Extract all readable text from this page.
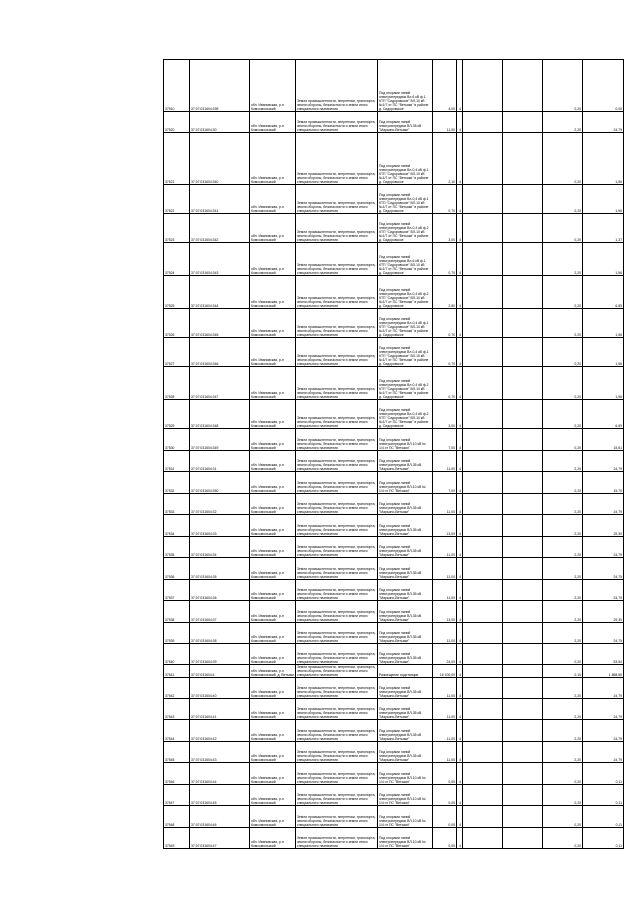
37510	37:07:031604:339	обл. Ивановская, р-н Комсомольский	Земли промышленности, энергетики, транспорта, земли обороны, безопасности и земли иного специального назначения	Под опорами линий электропередачи Вл-6 кВ ф.1 КТП "Сидоровское" ВЛ-10 кВ №1/7 от ПС "Ветьяки" в районе д. Сидоровское	4,00	4			0,20	0,00
37520	37:07:031604:30	обл. Ивановская, р-н Комсомольский	Земли промышленности, энергетики, транспорта, земли обороны, безопасности и земли иного специального назначения	Под опорами линий электропередачи ВЛ-35 кВ "Марьино-Ветьяки"	11,00	4			2,20	24,79
37521	37:07:031604:340	обл. Ивановская, р-н Комсомольский	Земли промышленности, энергетики, транспорта, земли обороны, безопасности и земли иного специального назначения	Под опорами линий электропередачи Вл-0,4 кВ ф.1 КТП "Сидоровское" ВЛ-10 кВ №1/7 от ПС "Ветьяки" в районе д. Сидоровское	2,10	4			0,20	1,56
37522	37:07:031604:341	обл. Ивановская, р-н Комсомольский	Земли промышленности, энергетики, транспорта, земли обороны, безопасности и земли иного специального назначения	Под опорами линий электропередачи Вл-0,4 кВ ф.1 КТП "Сидоровское" ВЛ-10 кВ №1/7 от ПС "Ветьяки" в районе д. Сидоровское	0,70	4			0,20	1,56
37523	37:07:031604:342	обл. Ивановская, р-н Комсомольский	Земли промышленности, энергетики, транспорта, земли обороны, безопасности и земли иного специального назначения	Под опорами линий электропередачи Вл-0,4 кВ ф.2 КТП "Сидоровское" ВЛ-10 кВ №1/7 от ПС "Ветьяки" в районе д. Сидоровское	3,00	4			0,20	1,37
37524	37:07:031604:343	обл. Ивановская, р-н Комсомольский	Земли промышленности, энергетики, транспорта, земли обороны, безопасности и земли иного специального назначения	Под опорами линий электропередачи Вл-6 кВ ф.1 КТП "Сидоровское" ВЛ-10 кВ №1/7 от ПС "Ветьяки" в районе д. Сидоровское	0,70	4			2,20	1,56
37525	37:07:031604:344	обл. Ивановская, р-н Комсомольский	Земли промышленности, энергетики, транспорта, земли обороны, безопасности и земли иного специального назначения	Под опорами линий электропередачи Вл-0,4 кВ ф.2 КТП "Сидоровское" ВЛ-10 кВ №1/7 от ПС "Ветьяки" в районе д. Сидоровское	2,80	4			0,20	6,85
37526	37:07:031604:345	обл. Ивановская, р-н Комсомольский	Земли промышленности, энергетики, транспорта, земли обороны, безопасности и земли иного специального назначения	Под опорами линий электропередачи Вл-0,4 кВ ф.1 КТП "Сидоровское" ВЛ-10 кВ №1/7 от ПС "Ветьяки" в районе д. Сидоровское	0,70	4			0,20	1,56
37527	37:07:031604:346	обл. Ивановская, р-н Комсомольский	Земли промышленности, энергетики, транспорта, земли обороны, безопасности и земли иного специального назначения	Под опорами линий электропередачи Вл-0,4 кВ ф.1 КТП "Сидоровское" ВЛ-10 кВ №1/7 от ПС "Ветьяки" в районе д. Сидоровское	0,70	4			0,20	1,56
37528	37:07:031604:347	обл. Ивановская, р-н Комсомольский	Земли промышленности, энергетики, транспорта, земли обороны, безопасности и земли иного специального назначения	Под опорами линий электропередачи Вл-0,4 кВ ф.2 КТП "Сидоровское" ВЛ-10 кВ №1/7 от ПС "Ветьяки" в районе д. Сидоровское	0,70	4			0,20	1,56
37529	37:07:031604:348	обл. Ивановская, р-н Комсомольский	Земли промышленности, энергетики, транспорта, земли обороны, безопасности и земли иного специального назначения	Под опорами линий электропередачи Вл-0,4 кВ ф.2 КТП "Сидоровское" ВЛ-10 кВ №1/7 от ПС "Ветьяки" в районе д. Сидоровское	3,00	4			0,20	6,69
37530	37:07:031604:349	обл. Ивановская, р-н Комсомольский	Земли промышленности, энергетики, транспорта, земли обороны, безопасности и земли иного специального назначения	Под опорами линий электропередачи ВЛ-10 кВ № 1/4 от ПС "Ветьяки"	7,00	4			0,20	15,61
37531	37:07:031604:31	обл. Ивановская, р-н Комсомольский	Земли промышленности, энергетики, транспорта, земли обороны, безопасности и земли иного специального назначения	Под опорами линий электропередачи ВЛ-35 кВ "Марьино-Ветьяки"	11,00	4			2,20	24,79
37532	37:07:031604:350	обл. Ивановская, р-н Комсомольский	Земли промышленности, энергетики, транспорта, земли обороны, безопасности и земли иного специального назначения	Под опорами линий электропередачи ВЛ-10 кВ № 1/4 от ПС "Ветьяки"	7,00	4			0,20	15,70
37533	37:07:031604:32	обл. Ивановская, р-н Комсомольский	Земли промышленности, энергетики, транспорта, земли обороны, безопасности и земли иного специального назначения	Под опорами линий электропередачи ВЛ-35 кВ "Марьино-Ветьяки"	11,00	4			2,20	24,79
37534	37:07:031604:33	обл. Ивановская, р-н Комсомольский	Земли промышленности, энергетики, транспорта, земли обороны, безопасности и земли иного специального назначения	Под опорами линий электропередачи ВЛ-35 кВ "Марьино-Ветьяки"	13,00	4			2,20	29,30
37535	37:07:031604:34	обл. Ивановская, р-н Комсомольский	Земли промышленности, энергетики, транспорта, земли обороны, безопасности и земли иного специального назначения	Под опорами линий электропередачи ВЛ-35 кВ "Марьино-Ветьяки"	11,00	4			2,20	24,79
37536	37:07:031604:35	обл. Ивановская, р-н Комсомольский	Земли промышленности, энергетики, транспорта, земли обороны, безопасности и земли иного специального назначения	Под опорами линий электропередачи ВЛ-35 кВ "Марьино-Ветьяки"	11,00	4			2,20	24,79
37537	37:07:031604:36	обл. Ивановская, р-н Комсомольский	Земли промышленности, энергетики, транспорта, земли обороны, безопасности и земли иного специального назначения	Под опорами линий электропередачи ВЛ-35 кВ "Марьино-Ветьяки"	11,00	4			2,20	24,79
37538	37:07:031604:37	обл. Ивановская, р-н Комсомольский	Земли промышленности, энергетики, транспорта, земли обороны, безопасности и земли иного специального назначения	Под опорами линий электропередачи ВЛ-35 кВ "Марьино-Ветьяки"	13,00	4			2,20	29,30
37539	37:07:031604:38	обл. Ивановская, р-н Комсомольский	Земли промышленности, энергетики, транспорта, земли обороны, безопасности и земли иного специального назначения	Под опорами линий электропередачи ВЛ-35 кВ "Марьино-Ветьяки"	11,00	4			2,20	24,79
37540	37:07:031604:39	обл. Ивановская, р-н Комсомольский	Земли промышленности, энергетики, транспорта, земли обороны, безопасности и земли иного специального назначения	Под опорами линий электропередачи ВЛ-35 кВ "Марьино-Ветьяки"	24,00	4			0,20	53,54
37541	37:07:031604:4	обл. Ивановская, р-н Комсомольский, д. Ветьяки	Земли промышленности, энергетики, транспорта, земли обороны, безопасности и земли иного специального назначения	Размещение подстанции	16 100,00	4			0,10	1 868,56
37542	37:07:031604:40	обл. Ивановская, р-н Комсомольский	Земли промышленности, энергетики, транспорта, земли обороны, безопасности и земли иного специального назначения	Под опорами линий электропередачи ВЛ-35 кВ "Марьино-Ветьяки"	11,00	4			2,20	24,79
37543	37:07:031604:41	обл. Ивановская, р-н Комсомольский	Земли промышленности, энергетики, транспорта, земли обороны, безопасности и земли иного специального назначения	Под опорами линий электропередачи ВЛ-35 кВ "Марьино-Ветьяки"	11,00	4			2,20	24,79
37544	37:07:031604:42	обл. Ивановская, р-н Комсомольский	Земли промышленности, энергетики, транспорта, земли обороны, безопасности и земли иного специального назначения	Под опорами линий электропередачи ВЛ-35 кВ "Марьино-Ветьяки"	11,00	4			2,20	24,79
37545	37:07:031604:43	обл. Ивановская, р-н Комсомольский	Земли промышленности, энергетики, транспорта, земли обороны, безопасности и земли иного специального назначения	Под опорами линий электропередачи ВЛ-35 кВ "Марьино-Ветьяки"	11,00	4			2,20	24,79
37546	37:07:031604:44	обл. Ивановская, р-н Комсомольский	Земли промышленности, энергетики, транспорта, земли обороны, безопасности и земли иного специального назначения	Под опорами линий электропередачи ВЛ-10 кВ № 1/4 от ПС "Ветьяки"	0,05	4			0,20	0,11
37547	37:07:031604:45	обл. Ивановская, р-н Комсомольский	Земли промышленности, энергетики, транспорта, земли обороны, безопасности и земли иного специального назначения	Под опорами линий электропередачи ВЛ-10 кВ № 1/4 от ПС "Ветьяки"	0,05	4			0,20	0,11
37548	37:07:031604:46	обл. Ивановская, р-н Комсомольский	Земли промышленности, энергетики, транспорта, земли обороны, безопасности и земли иного специального назначения	Под опорами линий электропередачи ВЛ-10 кВ № 1/4 от ПС "Ветьяки"	0,05	4			0,20	0,11
37549	37:07:031604:47	обл. Ивановская, р-н Комсомольский	Земли промышленности, энергетики, транспорта, земли обороны, безопасности и земли иного специального назначения	Под опорами линий электропередачи ВЛ-10 кВ № 1/4 от ПС "Ветьяки"	0,05	4			0,20	0,11
